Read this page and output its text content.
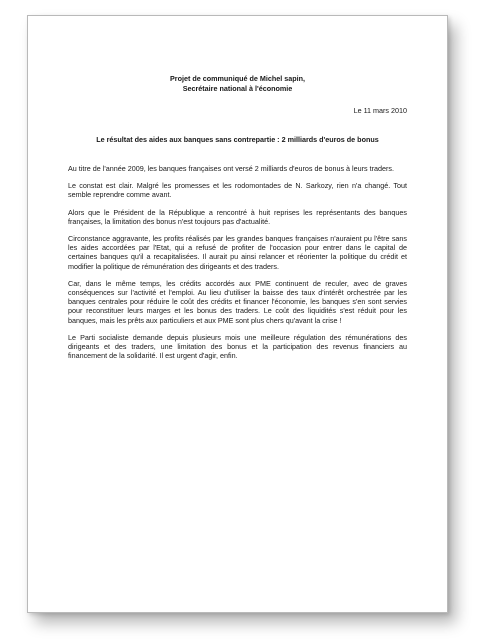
Projet de communiqué de Michel sapin,
Secrétaire national à l'économie
Le 11 mars 2010
Le résultat des aides aux banques sans contrepartie : 2 milliards d'euros de bonus

Au titre de l'année 2009, les banques françaises ont versé 2 milliards d'euros de bonus à leurs traders.

Le constat est clair. Malgré les promesses et les rodomontades de N. Sarkozy, rien n'a changé. Tout semble reprendre comme avant.

Alors que le Président de la République a rencontré à huit reprises les représentants des banques françaises, la limitation des bonus n'est toujours pas d'actualité.

Circonstance aggravante, les profits réalisés par les grandes banques françaises n'auraient pu l'être sans les aides accordées par l'Etat, qui a refusé de profiter de l'occasion pour entrer dans le capital de certaines banques qu'il a recapitalisées. Il aurait pu ainsi relancer et réorienter la politique du crédit et modifier la politique de rémunération des dirigeants et des traders.

Car, dans le même temps, les crédits accordés aux PME continuent de reculer, avec de graves conséquences sur l'activité et l'emploi. Au lieu d'utiliser la baisse des taux d'intérêt orchestrée par les banques centrales pour réduire le coût des crédits et financer l'économie, les banques s'en sont servies pour reconstituer leurs marges et les bonus des traders. Le coût des liquidités s'est réduit pour les banques, mais les prêts aux particuliers et aux PME sont plus chers qu'avant la crise !

Le Parti socialiste demande depuis plusieurs mois une meilleure régulation des rémunérations des dirigeants et des traders, une limitation des bonus et la participation des revenus financiers au financement de la solidarité. Il est urgent d'agir, enfin.
